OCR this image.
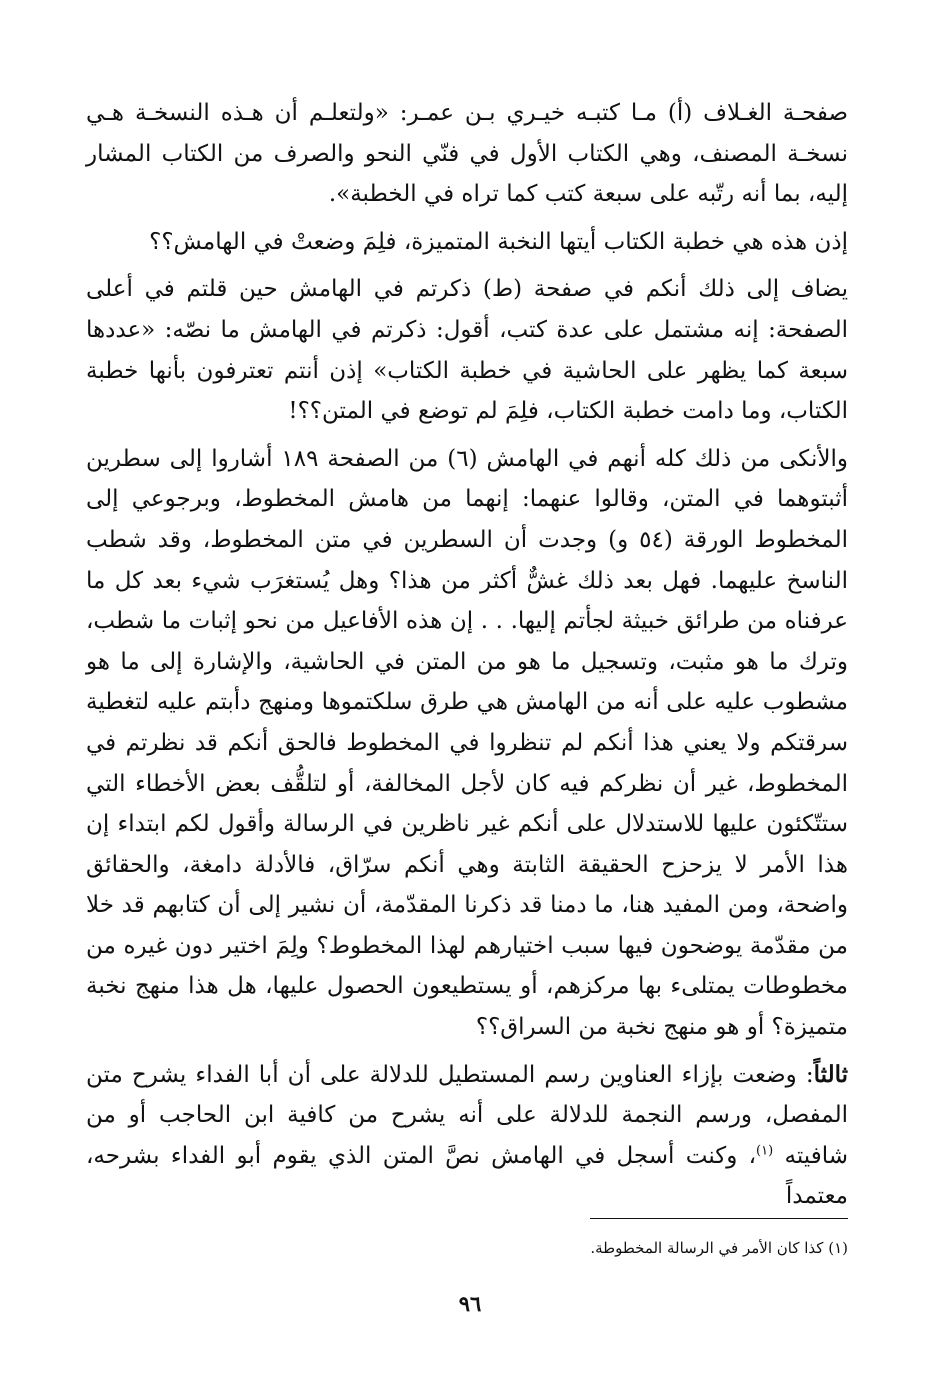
صفحـة الغـلاف (أ) مـا كتبـه خيـري بـن عمـر: «ولتعلـم أن هـذه النسخـة هـي نسخـة المصنف، وهي الكتاب الأول في فنّي النحو والصرف من الكتاب المشار إليه، بما أنه رتّبه على سبعة كتب كما تراه في الخطبة».

إذن هذه هي خطبة الكتاب أيتها النخبة المتميزة، فلِمَ وضعتْ في الهامش؟؟

يضاف إلى ذلك أنكم في صفحة (ط) ذكرتم في الهامش حين قلتم في أعلى الصفحة: إنه مشتمل على عدة كتب، أقول: ذكرتم في الهامش ما نصّه: «عددها سبعة كما يظهر على الحاشية في خطبة الكتاب» إذن أنتم تعترفون بأنها خطبة الكتاب، وما دامت خطبة الكتاب، فلِمَ لم توضع في المتن؟؟!

والأنكى من ذلك كله أنهم في الهامش (٦) من الصفحة ١٨٩ أشاروا إلى سطرين أثبتوهما في المتن، وقالوا عنهما: إنهما من هامش المخطوط، وبرجوعي إلى المخطوط الورقة (٥٤ و) وجدت أن السطرين في متن المخطوط، وقد شطب الناسخ عليهما. فهل بعد ذلك غشٌّ أكثر من هذا؟ وهل يُستغرَب شيء بعد كل ما عرفناه من طرائق خبيثة لجأتم إليها. . . إن هذه الأفاعيل من نحو إثبات ما شطب، وترك ما هو مثبت، وتسجيل ما هو من المتن في الحاشية، والإشارة إلى ما هو مشطوب عليه على أنه من الهامش هي طرق سلكتموها ومنهج دأبتم عليه لتغطية سرقتكم ولا يعني هذا أنكم لم تنظروا في المخطوط فالحق أنكم قد نظرتم في المخطوط، غير أن نظركم فيه كان لأجل المخالفة، أو لتلقُّف بعض الأخطاء التي ستتّكئون عليها للاستدلال على أنكم غير ناظرين في الرسالة وأقول لكم ابتداء إن هذا الأمر لا يزحزح الحقيقة الثابتة وهي أنكم سرّاق، فالأدلة دامغة، والحقائق واضحة، ومن المفيد هنا، ما دمنا قد ذكرنا المقدّمة، أن نشير إلى أن كتابهم قد خلا من مقدّمة يوضحون فيها سبب اختيارهم لهذا المخطوط؟ ولِمَ اختير دون غيره من مخطوطات يمتلىء بها مركزهم، أو يستطيعون الحصول عليها، هل هذا منهج نخبة متميزة؟ أو هو منهج نخبة من السراق؟؟

ثالثاً: وضعت بإزاء العناوين رسم المستطيل للدلالة على أن أبا الفداء يشرح متن المفصل، ورسم النجمة للدلالة على أنه يشرح من كافية ابن الحاجب أو من شافيته $^{(١)}$، وكنت أسجل في الهامش نصَّ المتن الذي يقوم أبو الفداء بشرحه، معتمداً

(١) كذا كان الأمر في الرسالة المخطوطة.
٩٦
